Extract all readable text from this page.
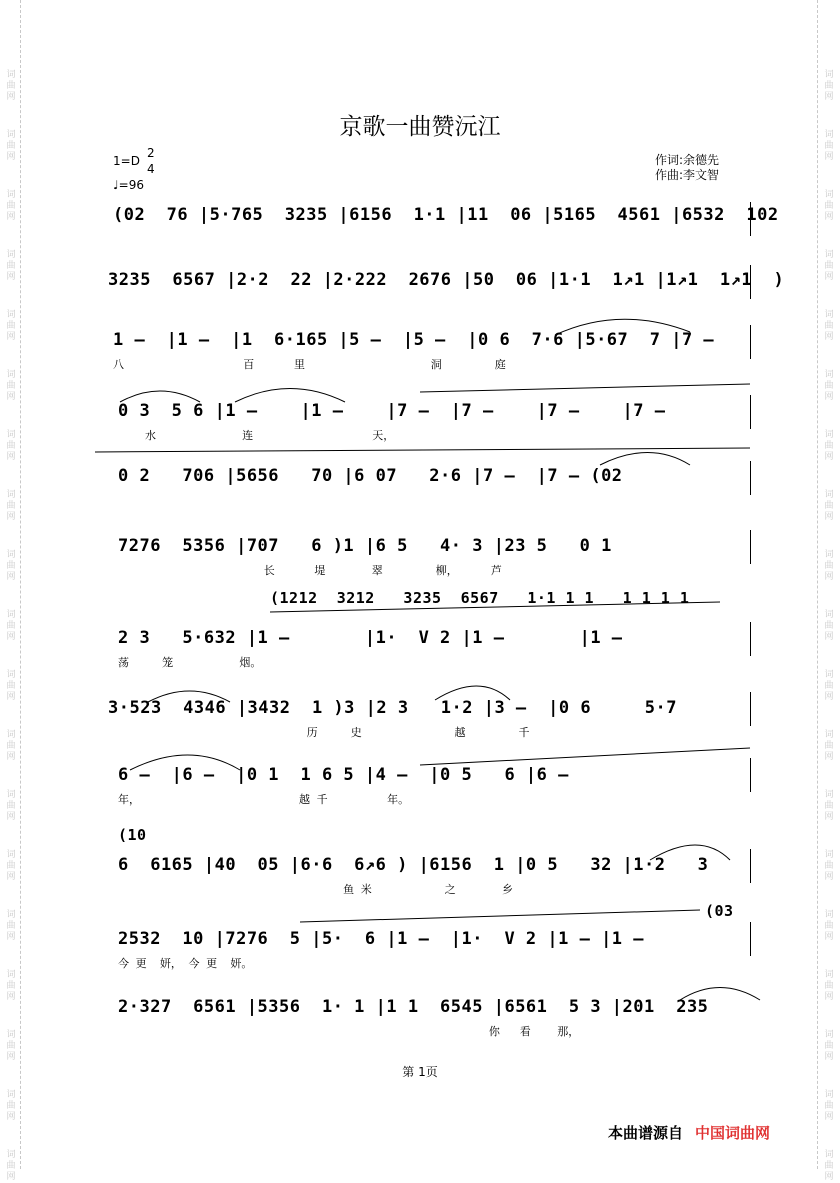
词
曲
网
词
曲
网
词
曲
网
词
曲
网
词
曲
网
词
曲
网
词
曲
网
词
曲
网
词
曲
网
词
曲
网
词
曲
网
词
曲
网
词
曲
网
词
曲
网
词
曲
网
词
曲
网
词
曲
网
词
曲
网
词
曲
网
词
曲
网
词
曲
网
词
曲
网
词
曲
网
词
曲
网
词
曲
网
词
曲
网
词
曲
网
词
曲
网
词
曲
网
词
曲
网
词
曲
网
词
曲
网
词
曲
网
词
曲
网
词
曲
网
词
曲
网
词
曲
网
词
曲
网
京歌一曲赞沅江
1=D
2
4
♩=96
作词:余德先
作曲:李文智
(02  76 |5·765  3235 |6156  1·1 |11  06 |5165  4561 |6532  102
3235  6567 |2·2  22 |2·222  2676 |50  06 |1·1  1↗1 |1↗1  1↗1  )
1 —  |1 —  |1  6·165 |5 —  |5 —  |0 6  7·6 |5·67  7 |7 —
八                  百      里                   洞        庭
0 3  5 6 |1 —    |1 —    |7 —  |7 —    |7 —    |7 —
水             连                  天，
0 2   706 |5656   70 |6 07   2·6 |7 —  |7 — (02
7276  5356 |707   6 )1 |6 5   4· 3 |23 5   0 1
长      堤       翠        柳，     芦
(1212  3212   3235  6567   1·1 1 1   1 1 1 1
2 3   5·632 |1 —       |1·  V 2 |1 —       |1 —
荡     笼          烟。
3·523  4346 |3432  1 )3 |2 3   1·2 |3 —  |0 6     5·7
历     史              越        千
6 —  |6 —  |0 1  1 6 5 |4 —  |0 5   6 |6 —
年，                        越 千         年。
(10
6  6165 |40  05 |6·6  6↗6 ) |6156  1 |0 5   32 |1·2   3
鱼 米           之       乡
(03
2532  10 |7276  5 |5·  6 |1 —  |1·  V 2 |1 — |1 —
今 更  妍， 今 更  妍。
2·327  6561 |5356  1· 1 |1 1  6545 |6561  5 3 |201  235
你   看    那，
第 1页
本曲谱源自 中国词曲网
